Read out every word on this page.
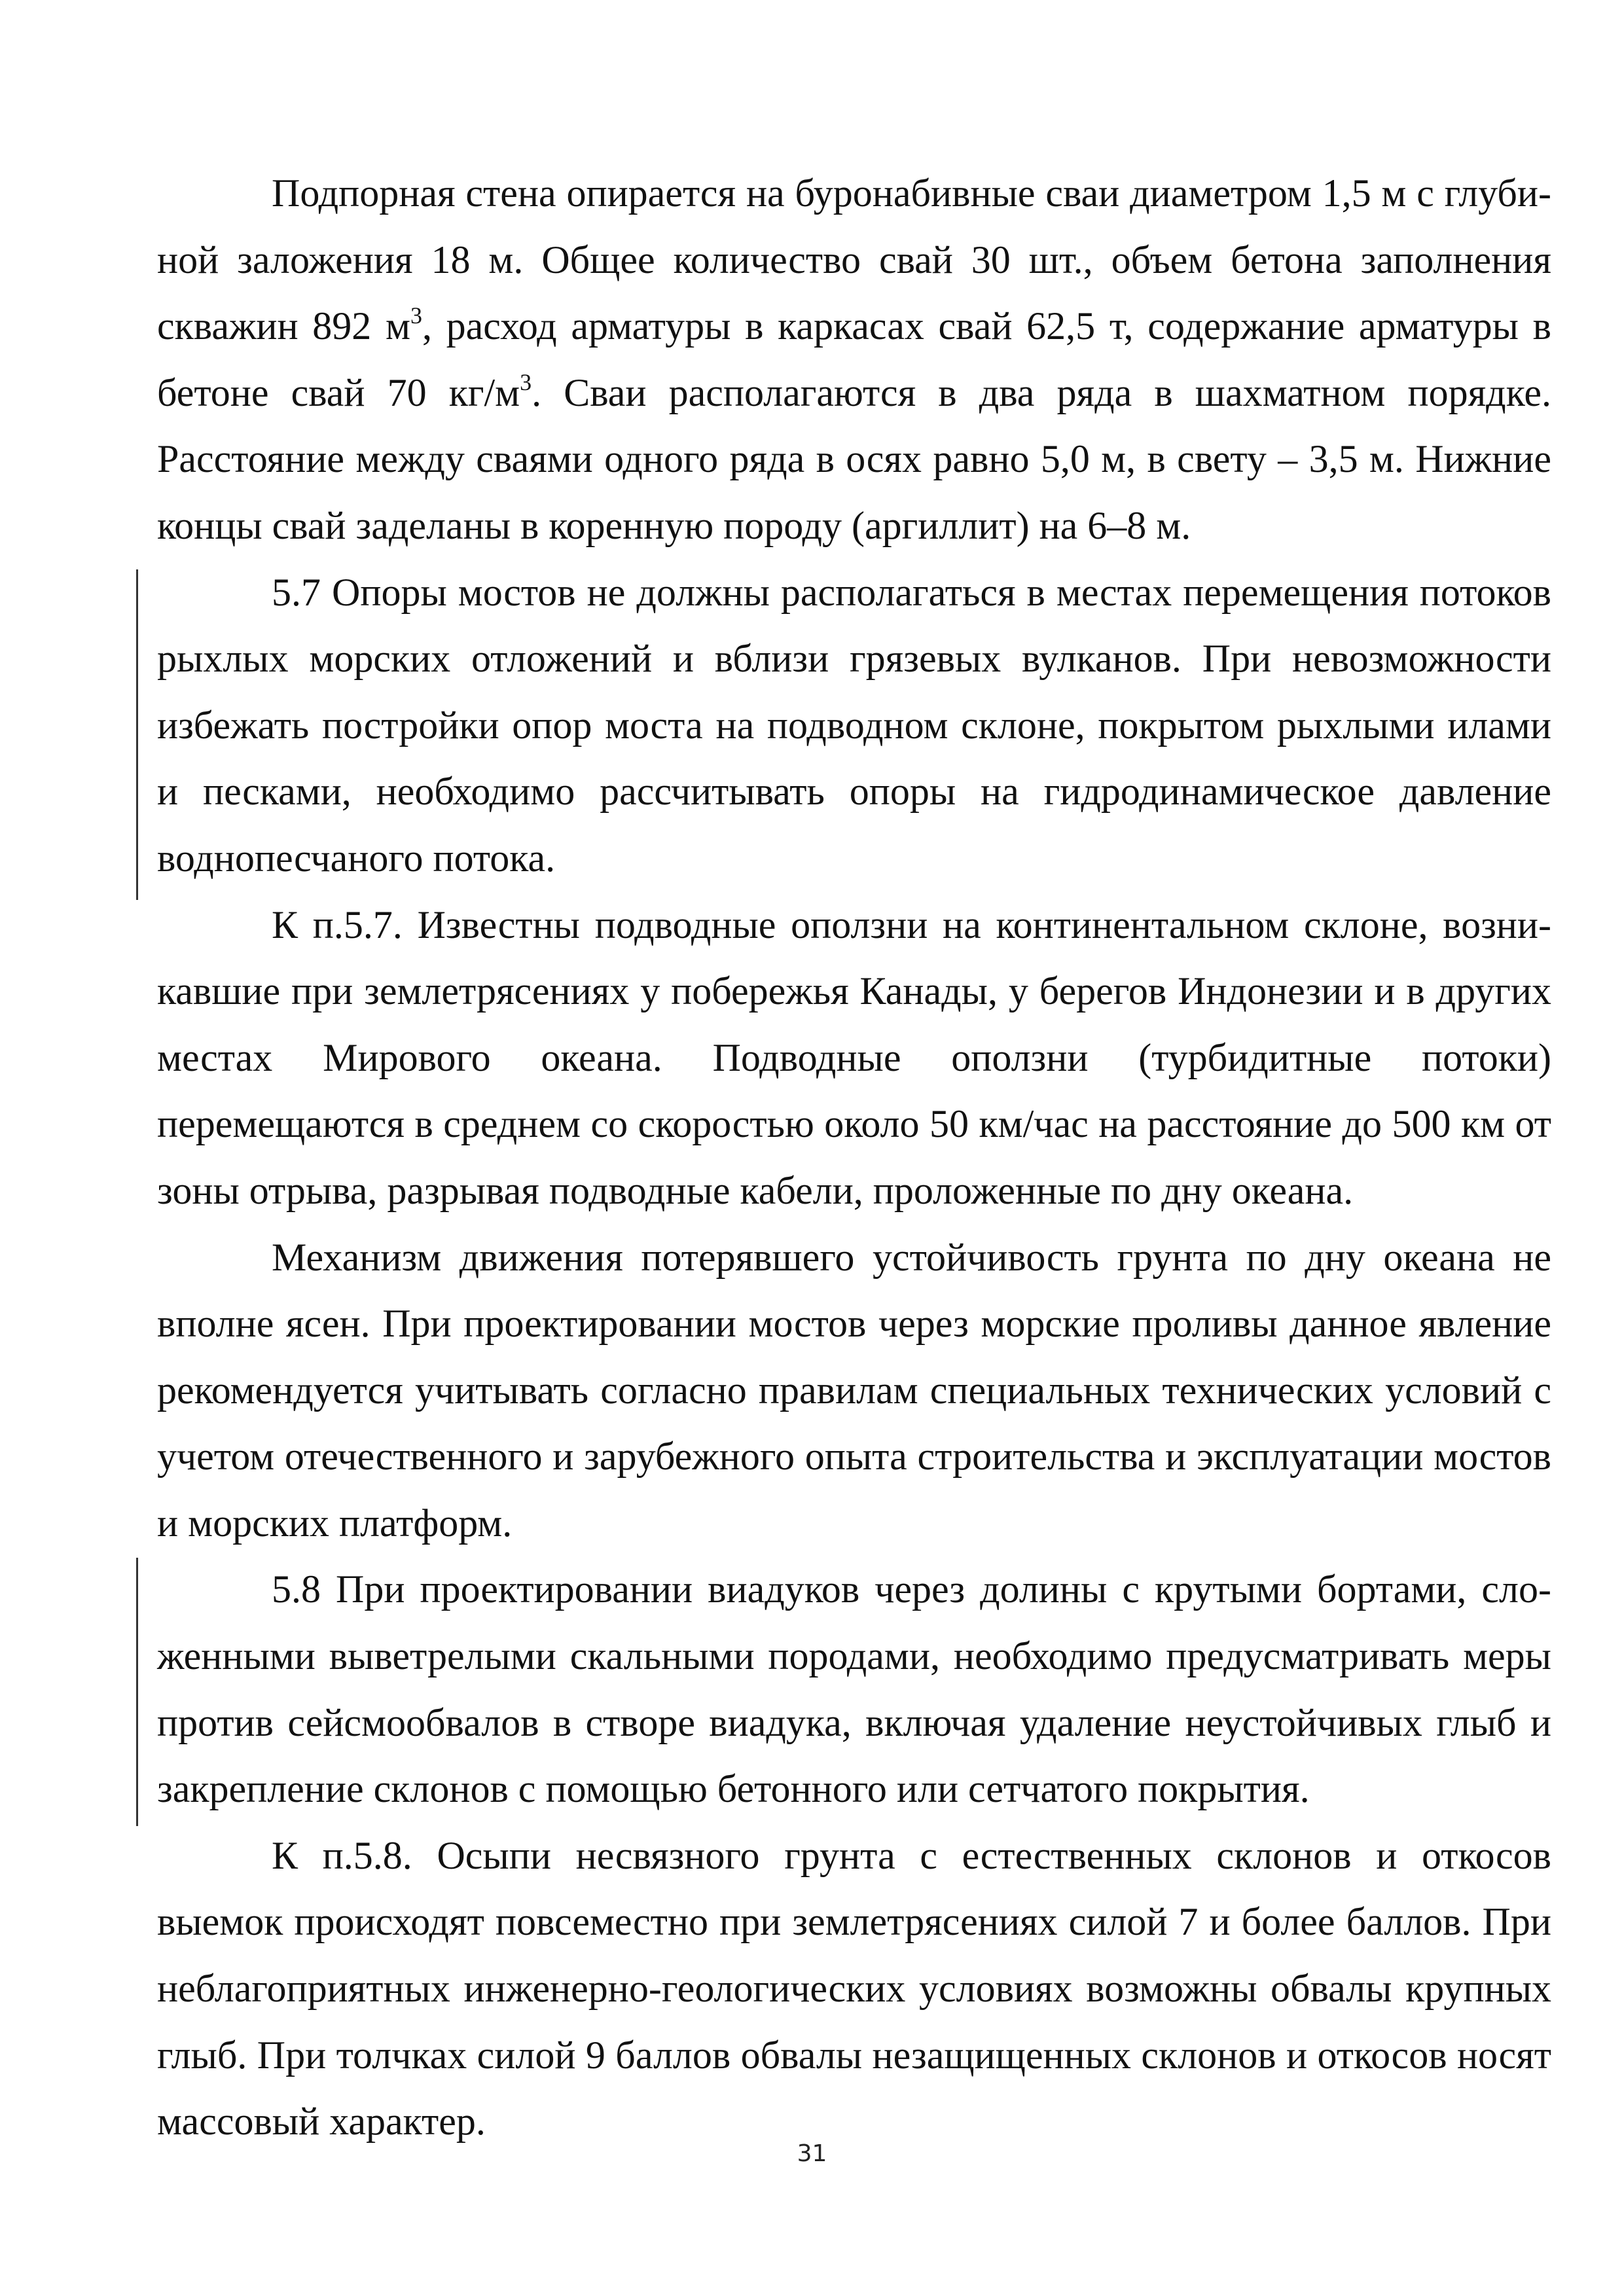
Подпорная стена опирается на буронабивные сваи диаметром 1,5 м с глубиной заложения 18 м. Общее количество свай 30 шт., объем бетона заполнения скважин 892 $м^3$, расход арматуры в каркасах свай 62,5 т, содержание арматуры в бетоне свай 70 $кг/м^3$. Сваи располагаются в два ряда в шахматном порядке. Расстояние между сваями одного ряда в осях равно 5,0 м, в свету – 3,5 м. Нижние концы свай заделаны в коренную породу (аргиллит) на 6–8 м.

5.7 Опоры мостов не должны располагаться в местах перемещения потоков рыхлых морских отложений и вблизи грязевых вулканов. При невозможности избежать постройки опор моста на подводном склоне, покрытом рыхлыми илами и песками, необходимо рассчитывать опоры на гидродинамическое давление воднопесчаного потока.

К п.5.7. Известны подводные оползни на континентальном склоне, возникавшие при землетрясениях у побережья Канады, у берегов Индонезии и в других местах Мирового океана. Подводные оползни (турбидитные потоки) перемещаются в среднем со скоростью около 50 км/час на расстояние до 500 км от зоны отрыва, разрывая подводные кабели, проложенные по дну океана.

Механизм движения потерявшего устойчивость грунта по дну океана не вполне ясен. При проектировании мостов через морские проливы данное явление рекомендуется учитывать согласно правилам специальных технических условий с учетом отечественного и зарубежного опыта строительства и эксплуатации мостов и морских платформ.

5.8 При проектировании виадуков через долины с крутыми бортами, сложенными выветрелыми скальными породами, необходимо предусматривать меры против сейсмообвалов в створе виадука, включая удаление неустойчивых глыб и закрепление склонов с помощью бетонного или сетчатого покрытия.

К п.5.8. Осыпи несвязного грунта с естественных склонов и откосов выемок происходят повсеместно при землетрясениях силой 7 и более баллов. При неблагоприятных инженерно-геологических условиях возможны обвалы крупных глыб. При толчках силой 9 баллов обвалы незащищенных склонов и откосов носят массовый характер.

31
